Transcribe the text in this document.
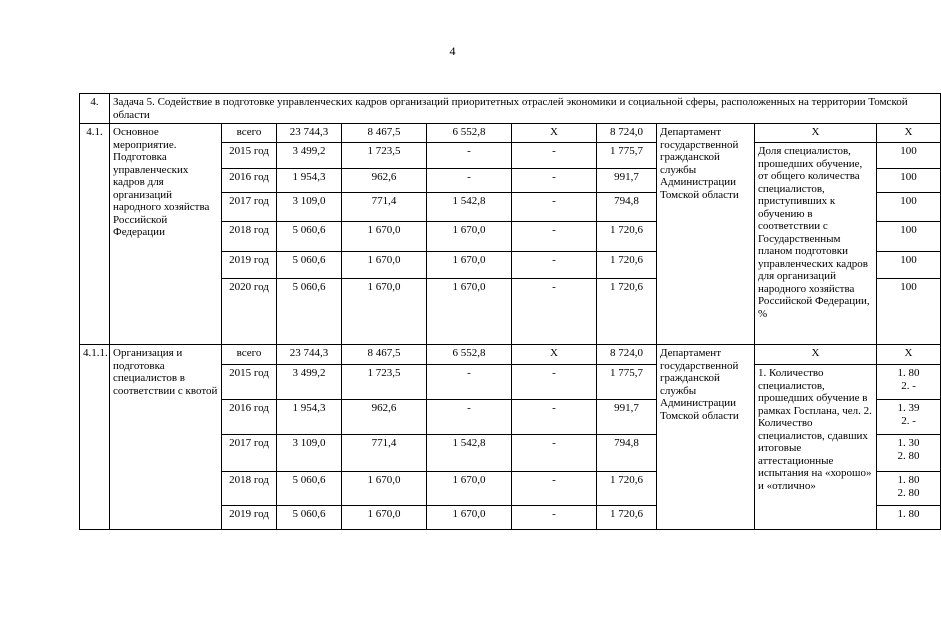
4
4.	Задача 5. Содействие в подготовке управленческих кадров организаций приоритетных отраслей экономики и социальной сферы, расположенных на территории Томской области									
4.1.	Основное мероприятие. Подготовка управленческих кадров для организаций народного хозяйства Российской Федерации	всего	23 744,3	8 467,5	6 552,8	Х	8 724,0	Департамент государственной гражданской службы Администрации Томской области	Х	Х
		2015 год	3 499,2	1 723,5	-	-	1 775,7		Доля специалистов, прошедших обучение, от общего количества специалистов, приступивших к обучению в соответствии с Государственным планом подготовки управленческих кадров для организаций народного хозяйства Российской Федерации, %	100
		2016 год	1 954,3	962,6	-	-	991,7			100
		2017 год	3 109,0	771,4	1 542,8	-	794,8			100
		2018 год	5 060,6	1 670,0	1 670,0	-	1 720,6			100
		2019 год	5 060,6	1 670,0	1 670,0	-	1 720,6			100
		2020 год	5 060,6	1 670,0	1 670,0	-	1 720,6			100
4.1.1.	Организация и подготовка специалистов в соответствии с квотой	всего	23 744,3	8 467,5	6 552,8	Х	8 724,0	Департамент государственной гражданской службы Администрации Томской области	Х	Х
		2015 год	3 499,2	1 723,5	-	-	1 775,7		1. Количество специалистов, прошедших обучение в рамках Госплана, чел. 2. Количество специалистов, сдавших итоговые аттестационные испытания на «хорошо» и «отлично»	1. 80
2. -

		2016 год	1 954,3	962,6	-	-	991,7			1. 39
2. -

		2017 год	3 109,0	771,4	1 542,8	-	794,8			1. 30
2. 80

		2018 год	5 060,6	1 670,0	1 670,0	-	1 720,6			1. 80
2. 80

		2019 год	5 060,6	1 670,0	1 670,0	-	1 720,6			1. 80
